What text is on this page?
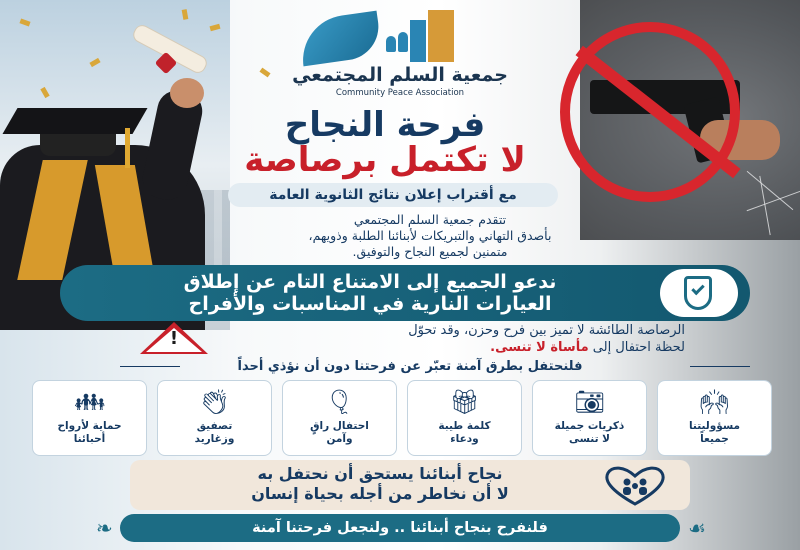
جمعية السلم المجتمعي
Community Peace Association
فرحة النجاح
لا تكتمل برصاصة
مع أقتراب إعلان نتائج الثانوية العامة
تتقدم جمعية السلم المجتمعي
بأصدق التهاني والتبريكات لأبنائنا الطلبة وذويهم،
متمنين لجميع النجاح والتوفيق.
ندعو الجميع إلى الامتناع التام عن إطلاق
العيارات النارية في المناسبات والأفراح
!	الرصاصة الطائشة لا تميز بين فرح وحزن، وقد تحوّل
لحظة احتفال إلى مأساة لا تنسى.
فلنحتفل بطرق آمنة تعبّر عن فرحتنا دون أن نؤذي أحداً
🙌︎
مسؤوليتنا
جميعاً
📷︎
ذكريات جميلة
لا تنسى
🎁︎
كلمة طيبة
ودعاء
🎈︎
احتفال راقٍ
وآمن
👏︎
تصفيق
وزغاريد
👪︎
حماية لأرواح
أحبائنا
نجاح أبنائنا يستحق أن نحتفل به
لا أن نخاطر من أجله بحياة إنسان
❧	☙
فلنفرح بنجاح أبنائنا .. ولنجعل فرحتنا آمنة
